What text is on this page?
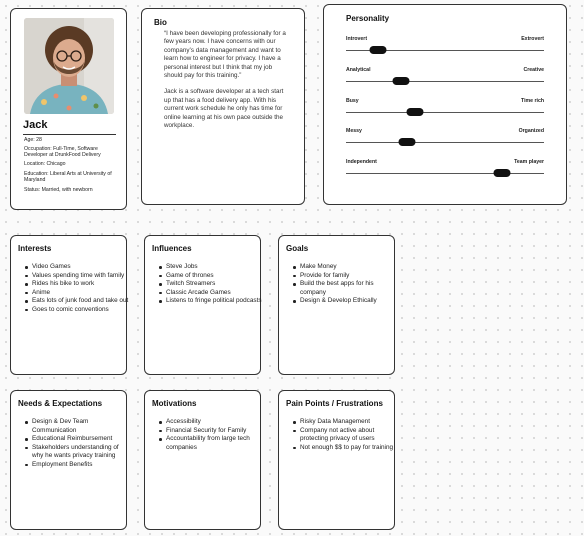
Jack
Age: 28
Occupation: Full-Time, Software Developer at DrunkFood Delivery
Location: Chicago
Education: Liberal Arts at University of Maryland
Status: Married, with newborn
Bio

“I have been developing professionally for a few years now. I have concerns with our company’s data management and want to learn how to engineer for privacy. I have a personal interest but I think that my job should pay for this training.”

Jack is a software developer at a tech start up that has a food delivery app. With his current work schedule he only has time for online learning at his own pace outside the workplace.

Personality
Introvert	Extrovert
Analytical	Creative
Busy	Time rich
Messy	Organized
Independent	Team player
Interests
Video Games
Values spending time with family
Rides his bike to work
Anime
Eats lots of junk food and take out
Goes to comic conventions
Influences
Steve Jobs
Game of thrones
Twitch Streamers
Classic Arcade Games
Listens to fringe political podcasts
Goals
Make Money
Provide for family
Build the best apps for his company
Design & Develop Ethically
Needs & Expectations
Design & Dev Team Communication
Educational Reimbursement
Stakeholders understanding of why he wants privacy training
Employment Benefits
Motivations
Accessibility
Financial Security for Family
Accountability from large tech companies
Pain Points / Frustrations
Risky Data Management
Company not active about protecting privacy of users
Not enough $$ to pay for training
